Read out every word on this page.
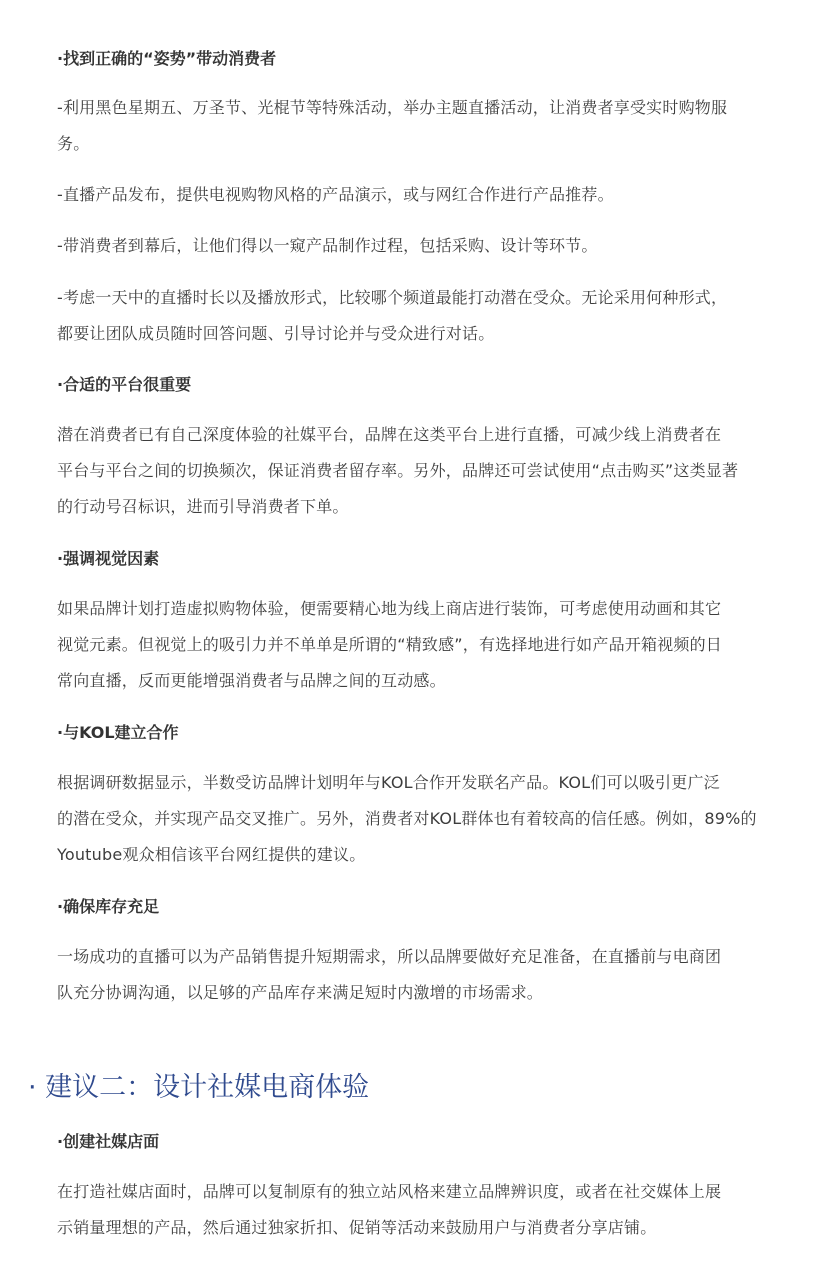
·找到正确的“姿势”带动消费者
-利用黑色星期五、万圣节、光棍节等特殊活动，举办主题直播活动，让消费者享受实时购物服
务。
-直播产品发布，提供电视购物风格的产品演示，或与网红合作进行产品推荐。
-带消费者到幕后，让他们得以一窥产品制作过程，包括采购、设计等环节。
-考虑一天中的直播时长以及播放形式，比较哪个频道最能打动潜在受众。无论采用何种形式，
都要让团队成员随时回答问题、引导讨论并与受众进行对话。
·合适的平台很重要
潜在消费者已有自己深度体验的社媒平台，品牌在这类平台上进行直播，可减少线上消费者在
平台与平台之间的切换频次，保证消费者留存率。另外，品牌还可尝试使用“点击购买”这类显著
的行动号召标识，进而引导消费者下单。
·强调视觉因素
如果品牌计划打造虚拟购物体验，便需要精心地为线上商店进行装饰，可考虑使用动画和其它
视觉元素。但视觉上的吸引力并不单单是所谓的“精致感”，有选择地进行如产品开箱视频的日
常向直播，反而更能增强消费者与品牌之间的互动感。
·与KOL建立合作
根据调研数据显示，半数受访品牌计划明年与KOL合作开发联名产品。KOL们可以吸引更广泛
的潜在受众，并实现产品交叉推广。另外，消费者对KOL群体也有着较高的信任感。例如，89%的
Youtube观众相信该平台网红提供的建议。
·确保库存充足
一场成功的直播可以为产品销售提升短期需求，所以品牌要做好充足准备，在直播前与电商团
队充分协调沟通，以足够的产品库存来满足短时内激增的市场需求。
· 建议二：设计社媒电商体验
·创建社媒店面
在打造社媒店面时，品牌可以复制原有的独立站风格来建立品牌辨识度，或者在社交媒体上展
示销量理想的产品，然后通过独家折扣、促销等活动来鼓励用户与消费者分享店铺。
